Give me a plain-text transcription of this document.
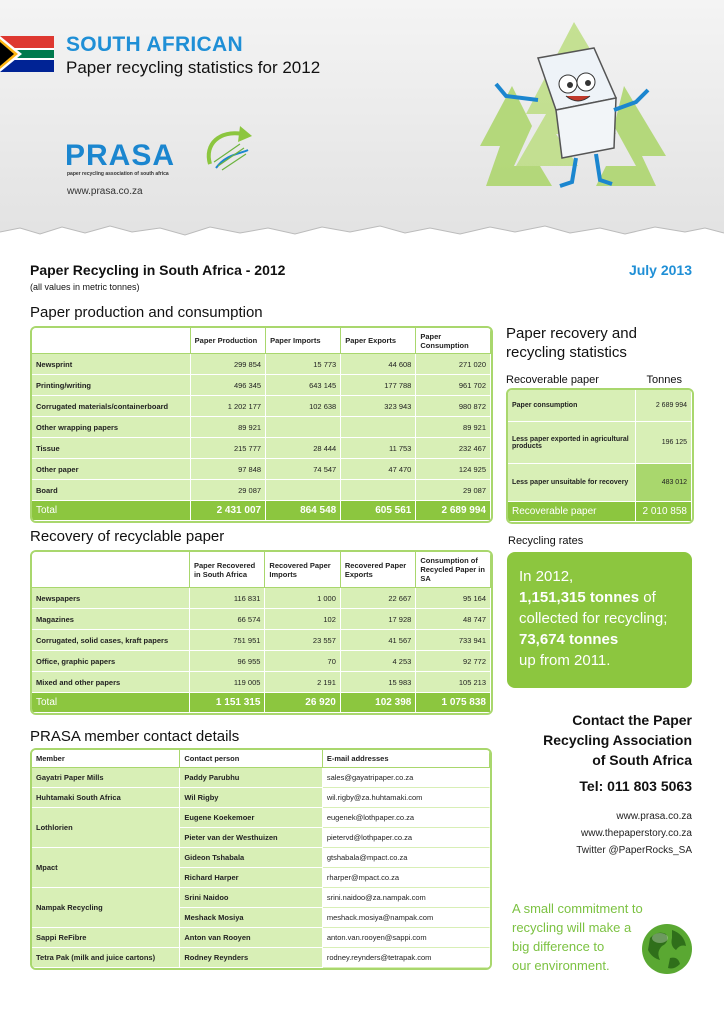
SOUTH AFRICAN
Paper recycling statistics for 2012
PRASA
paper recycling association of south africa
www.prasa.co.za
Paper Recycling in South Africa - 2012
(all values in metric tonnes)
July 2013
Paper production and consumption
	Paper Production	Paper Imports	Paper Exports	Paper Consumption
Newsprint	299 854	15 773	44 608	271 020
Printing/writing	496 345	643 145	177 788	961 702
Corrugated materials/containerboard	1 202 177	102 638	323 943	980 872
Other wrapping papers	89 921			89 921
Tissue	215 777	28 444	11 753	232 467
Other paper	97 848	74 547	47 470	124 925
Board	29 087			29 087
Total	2 431 007	864 548	605 561	2 689 994
Recovery of recyclable paper
	Paper Recovered in South Africa	Recovered Paper Imports	Recovered Paper Exports	Consumption of Recycled Paper in SA
Newspapers	116 831	1 000	22 667	95 164
Magazines	66 574	102	17 928	48 747
Corrugated, solid cases, kraft papers	751 951	23 557	41 567	733 941
Office, graphic papers	96 955	70	4 253	92 772
Mixed and other papers	119 005	2 191	15 983	105 213
Total	1 151 315	26 920	102 398	1 075 838
Paper recovery and
recycling statistics
Recoverable paper	Tonnes
Paper consumption	2 689 994
Less paper exported in agricultural products	196 125
Less paper unsuitable for recovery	483 012
Recoverable paper	2 010 858
Recycling rates
In 2012,
1,151,315 tonnes of collected for recycling;
73,674 tonnes
up from 2011.
PRASA member contact details
Member	Contact person	E-mail addresses
Gayatri Paper Mills	Paddy Parubhu	sales@gayatripaper.co.za
Huhtamaki South Africa	Wil Rigby	wil.rigby@za.huhtamaki.com
Lothlorien	Eugene Koekemoer	eugenek@lothpaper.co.za
	Pieter van der Westhuizen	pietervd@lothpaper.co.za
Mpact	Gideon Tshabala	gtshabala@mpact.co.za
	Richard Harper	rharper@mpact.co.za
Nampak Recycling	Srini Naidoo	srini.naidoo@za.nampak.com
	Meshack Mosiya	meshack.mosiya@nampak.com
Sappi ReFibre	Anton van Rooyen	anton.van.rooyen@sappi.com
Tetra Pak (milk and juice cartons)	Rodney Reynders	rodney.reynders@tetrapak.com
Contact the Paper
Recycling Association
of South Africa
Tel: 011 803 5063
www.prasa.co.za
www.thepaperstory.co.za
Twitter @PaperRocks_SA
A small commitment to
recycling will make a
big difference to
our environment.
